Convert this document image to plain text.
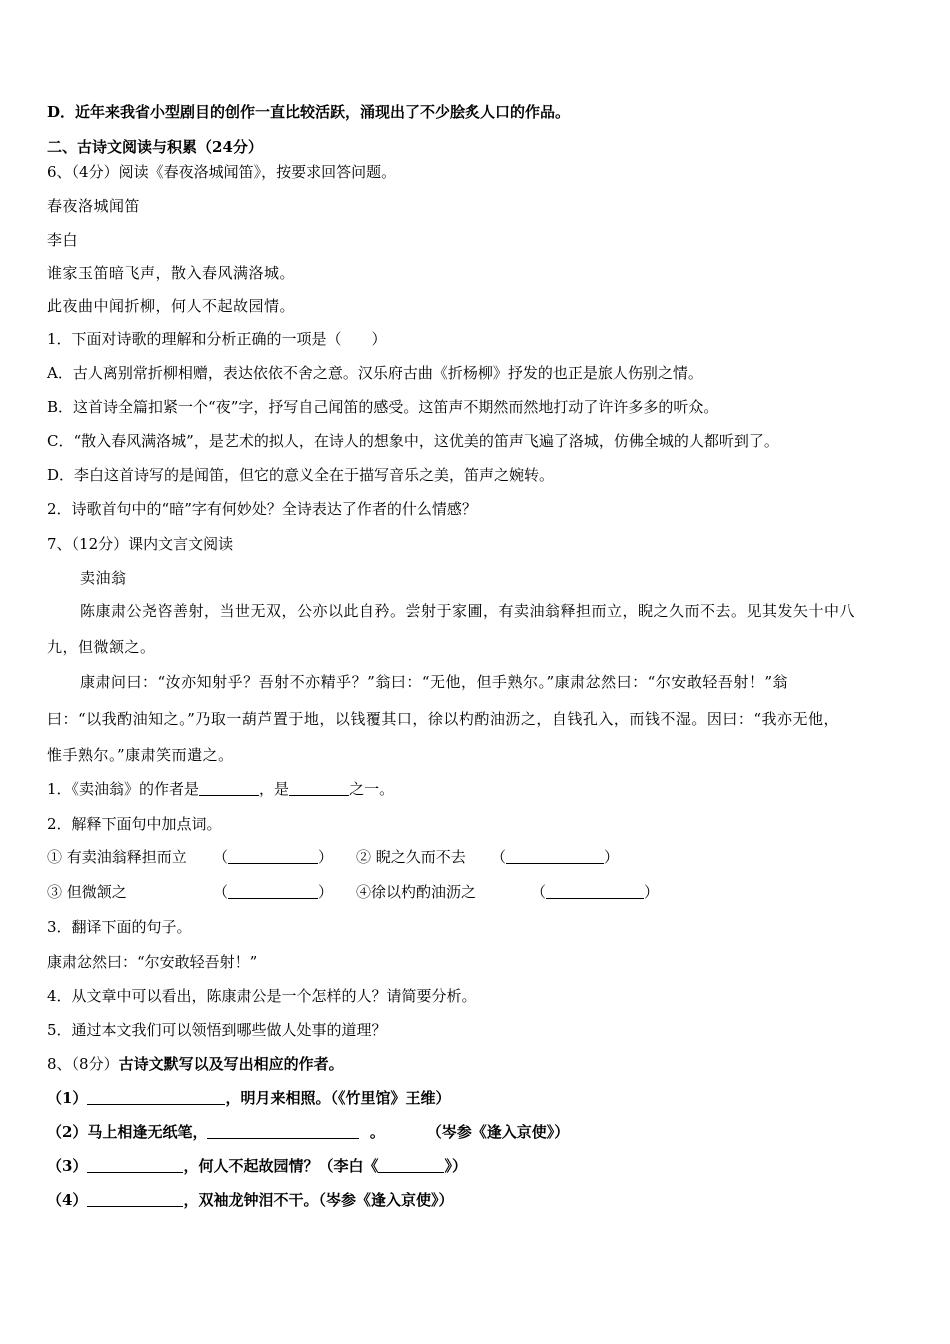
D．近年来我省小型剧目的创作一直比较活跃，涌现出了不少脍炙人口的作品。
二、古诗文阅读与积累（24分）
6、（4分）阅读《春夜洛城闻笛》，按要求回答问题。
春夜洛城闻笛
李白
谁家玉笛暗飞声，散入春风满洛城。
此夜曲中闻折柳，何人不起故园情。
1．下面对诗歌的理解和分析正确的一项是（　　）
A．古人离别常折柳相赠，表达依依不舍之意。汉乐府古曲《折杨柳》抒发的也正是旅人伤别之情。
B．这首诗全篇扣紧一个“夜”字，抒写自己闻笛的感受。这笛声不期然而然地打动了许许多多的听众。
C．“散入春风满洛城”，是艺术的拟人，在诗人的想象中，这优美的笛声飞遍了洛城，仿佛全城的人都听到了。
D．李白这首诗写的是闻笛，但它的意义全在于描写音乐之美，笛声之婉转。
2．诗歌首句中的“暗”字有何妙处？全诗表达了作者的什么情感？
7、（12分）课内文言文阅读
卖油翁
陈康肃公尧咨善射，当世无双，公亦以此自矜。尝射于家圃，有卖油翁释担而立，睨之久而不去。见其发矢十中八
九，但微颔之。
康肃问曰：“汝亦知射乎？吾射不亦精乎？”翁曰：“无他，但手熟尔。”康肃忿然曰：“尔安敢轻吾射！”翁
曰：“以我酌油知之。”乃取一葫芦置于地，以钱覆其口，徐以杓酌油沥之，自钱孔入，而钱不湿。因曰：“我亦无他，
惟手熟尔。”康肃笑而遣之。
1．《卖油翁》的作者是	，是	之一。
2．解释下面句中加点词。
① 有卖油翁释担而立 （	） ② 睨之久而不去 （	）
③ 但微颔之	（	） ④徐以杓酌油沥之	（	）
3．翻译下面的句子。
康肃忿然曰：“尔安敢轻吾射！”
4．从文章中可以看出，陈康肃公是一个怎样的人？请简要分析。
5．通过本文我们可以领悟到哪些做人处事的道理？
8、（8分）古诗文默写以及写出相应的作者。
（1）	，明月来相照。（《竹里馆》王维）
（2）马上相逢无纸笔，	。	（岑参《逢入京使》）
（3）	，何人不起故园情？（李白《	》）
（4）	，双袖龙钟泪不干。（岑参《逢入京使》）
